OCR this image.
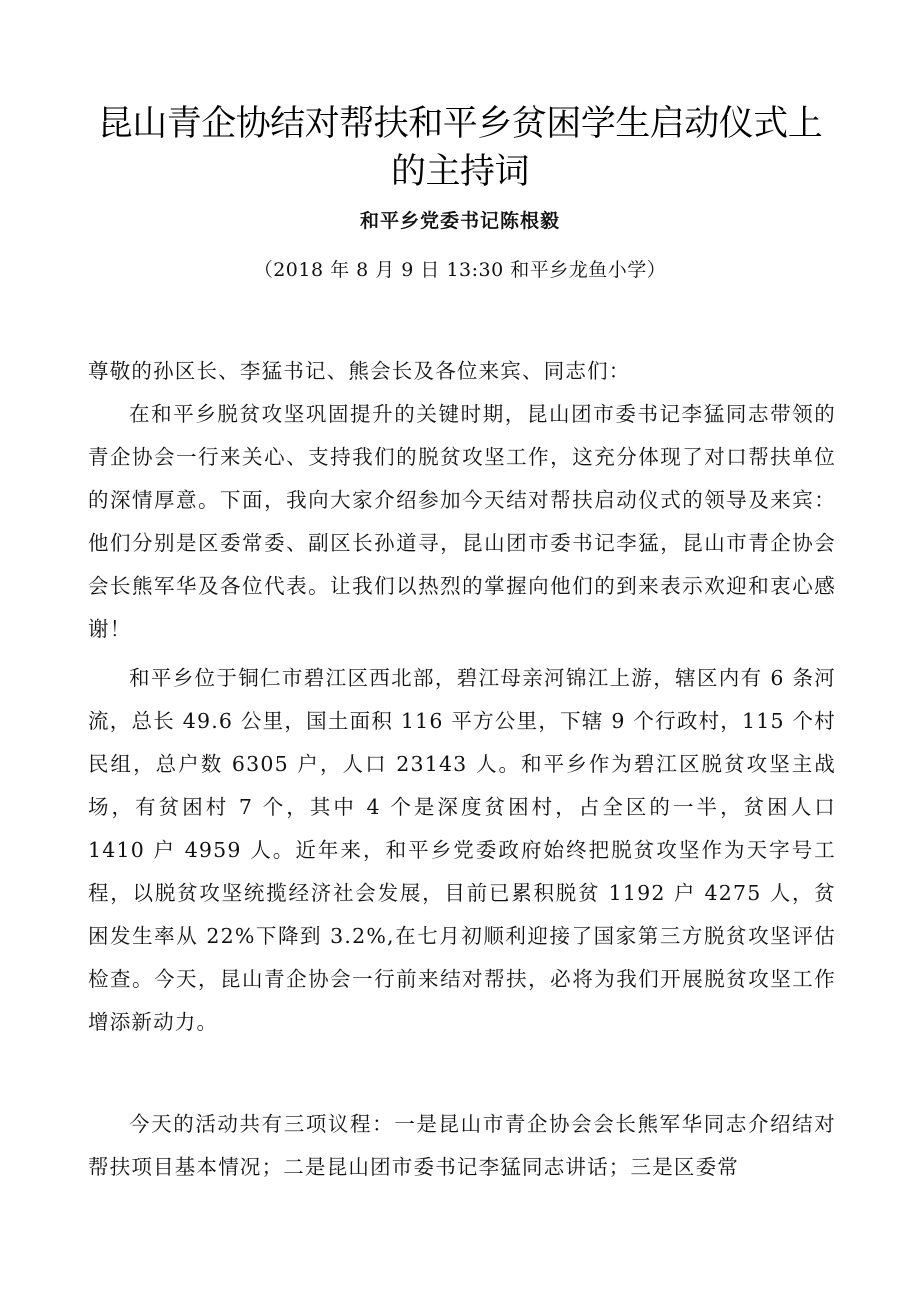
昆山青企协结对帮扶和平乡贫困学生启动仪式上
的主持词
和平乡党委书记陈根毅
（2018 年 8 月 9 日 13:30 和平乡龙鱼小学）
尊敬的孙区长、李猛书记、熊会长及各位来宾、同志们：
在和平乡脱贫攻坚巩固提升的关键时期，昆山团市委书记李猛同志带领的青企协会一行来关心、支持我们的脱贫攻坚工作，这充分体现了对口帮扶单位的深情厚意。下面，我向大家介绍参加今天结对帮扶启动仪式的领导及来宾：他们分别是区委常委、副区长孙道寻，昆山团市委书记李猛，昆山市青企协会会长熊军华及各位代表。让我们以热烈的掌握向他们的到来表示欢迎和衷心感谢！
和平乡位于铜仁市碧江区西北部，碧江母亲河锦江上游，辖区内有 6 条河流，总长 49.6 公里，国土面积 116 平方公里，下辖 9 个行政村，115 个村民组，总户数 6305 户，人口 23143 人。和平乡作为碧江区脱贫攻坚主战场，有贫困村 7 个，其中 4 个是深度贫困村，占全区的一半，贫困人口 1410 户 4959 人。近年来，和平乡党委政府始终把脱贫攻坚作为天字号工程，以脱贫攻坚统揽经济社会发展，目前已累积脱贫 1192 户 4275 人，贫困发生率从 22%下降到 3.2%,在七月初顺利迎接了国家第三方脱贫攻坚评估检查。今天，昆山青企协会一行前来结对帮扶，必将为我们开展脱贫攻坚工作增添新动力。
今天的活动共有三项议程：一是昆山市青企协会会长熊军华同志介绍结对帮扶项目基本情况；二是昆山团市委书记李猛同志讲话；三是区委常
